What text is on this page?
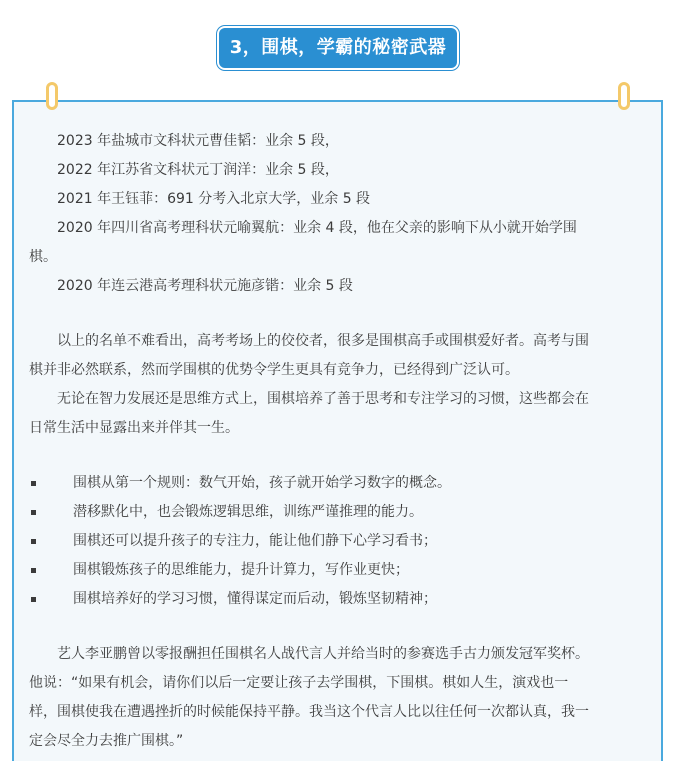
3，围棋，学霸的秘密武器
2023 年盐城市文科状元曹佳韬：业余 5 段，
2022 年江苏省文科状元丁润洋：业余 5 段，
2021 年王钰菲：691 分考入北京大学，业余 5 段
2020 年四川省高考理科状元喻翼航：业余 4 段，他在父亲的影响下从小就开始学围
棋。
2020 年连云港高考理科状元施彦锴：业余 5 段
以上的名单不难看出，高考考场上的佼佼者，很多是围棋高手或围棋爱好者。高考与围
棋并非必然联系，然而学围棋的优势令学生更具有竞争力，已经得到广泛认可。
无论在智力发展还是思维方式上，围棋培养了善于思考和专注学习的习惯，这些都会在
日常生活中显露出来并伴其一生。
围棋从第一个规则：数气开始，孩子就开始学习数字的概念。
潜移默化中，也会锻炼逻辑思维，训练严谨推理的能力。
围棋还可以提升孩子的专注力，能让他们静下心学习看书；
围棋锻炼孩子的思维能力，提升计算力，写作业更快；
围棋培养好的学习习惯，懂得谋定而后动，锻炼坚韧精神；
艺人李亚鹏曾以零报酬担任围棋名人战代言人并给当时的参赛选手古力颁发冠军奖杯。
他说：“如果有机会，请你们以后一定要让孩子去学围棋，下围棋。棋如人生，演戏也一
样，围棋使我在遭遇挫折的时候能保持平静。我当这个代言人比以往任何一次都认真，我一
定会尽全力去推广围棋。”
